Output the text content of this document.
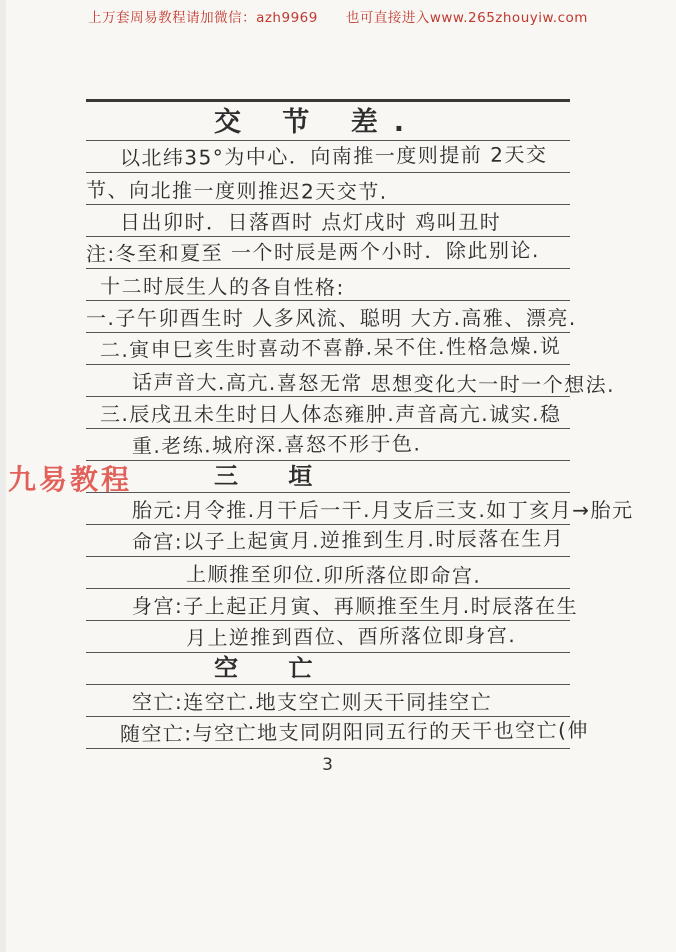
上万套周易教程请加微信：azh9969　　也可直接进入www.265zhouyiw.com
九易教程
交 节 差.
以北纬35°为中心．向南推一度则提前 2天交
节、向北推一度则推迟2天交节.
日出卯时．日落酉时 点灯戌时 鸡叫丑时
注:冬至和夏至 一个时辰是两个小时．除此别论.
十二时辰生人的各自性格:
一.子午卯酉生时 人多风流、聪明 大方.高雅、漂亮.
二.寅申巳亥生时喜动不喜静.呆不住.性格急燥.说
话声音大.高亢.喜怒无常 思想变化大一时一个想法.
三.辰戌丑未生时日人体态雍肿.声音高亢.诚实.稳
重.老练.城府深.喜怒不形于色.
三 垣
胎元:月令推.月干后一干.月支后三支.如丁亥月→胎元
命宫:以子上起寅月.逆推到生月.时辰落在生月
上顺推至卯位.卯所落位即命宫.
身宫:子上起正月寅、再顺推至生月.时辰落在生
月上逆推到酉位、酉所落位即身宫.
空 亡
空亡:连空亡.地支空亡则天干同挂空亡
随空亡:与空亡地支同阴阳同五行的天干也空亡(伸
3
